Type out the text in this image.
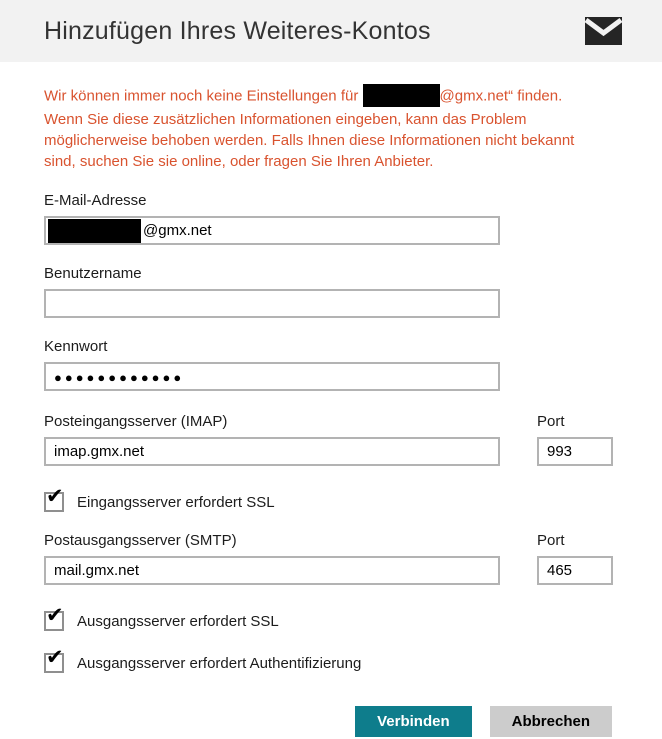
Hinzufügen Ihres Weiteres-Kontos

Wir können immer noch keine Einstellungen für	@gmx.net“ finden. Wenn Sie diese zusätzlichen Informationen eingeben, kann das Problem möglicherweise behoben werden. Falls Ihnen diese Informationen nicht bekannt sind, suchen Sie sie online, oder fragen Sie Ihren Anbieter.

E-Mail-Adresse
@gmx.net
Benutzername
Kennwort
●●●●●●●●●●●●
Posteingangsserver (IMAP)
imap.gmx.net
Port
993
✔ Eingangsserver erfordert SSL
Postausgangsserver (SMTP)
mail.gmx.net
Port
465
✔ Ausgangsserver erfordert SSL
✔ Ausgangsserver erfordert Authentifizierung
Verbinden	Abbrechen
